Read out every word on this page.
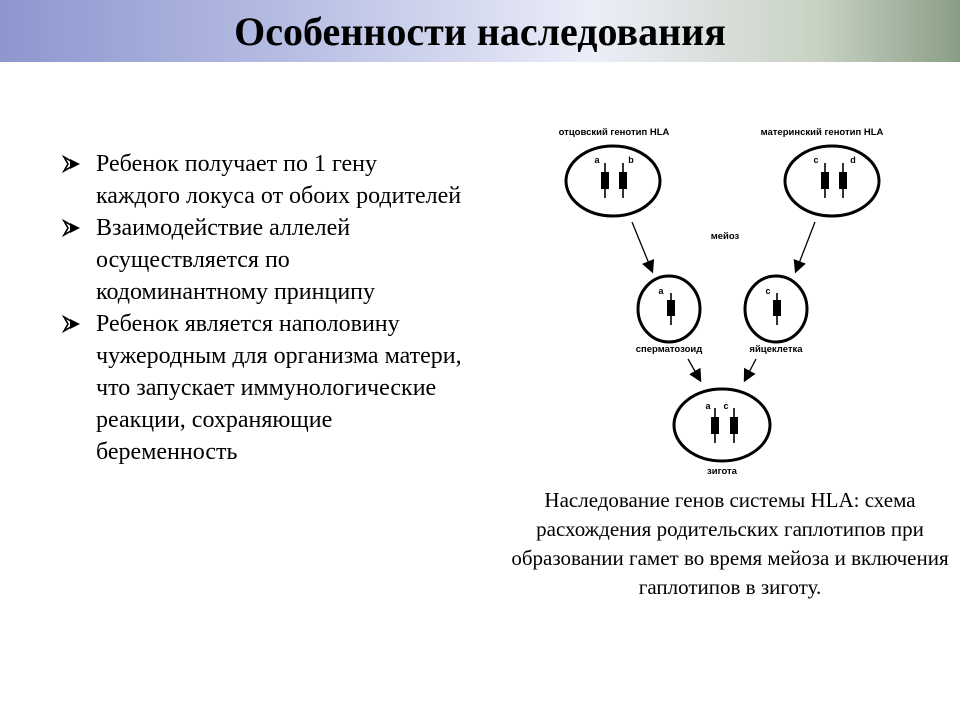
Особенности наследования
Ребенок получает по 1 гену каждого локуса от обоих родителей
Взаимодействие аллелей осуществляется по кодоминантному принципу
Ребенок является наполовину чужеродным для организма матери, что запускает иммунологические реакции, сохраняющие беременность
отцовский генотип HLA	материнский генотип HLA
a	b	c	d
мейоз
a
сперматозоид
c
яйцеклетка
a c
зигота
Наследование генов системы HLA: схема расхождения родительских гаплотипов при образовании гамет во время мейоза и включения гаплотипов в зиготу.
